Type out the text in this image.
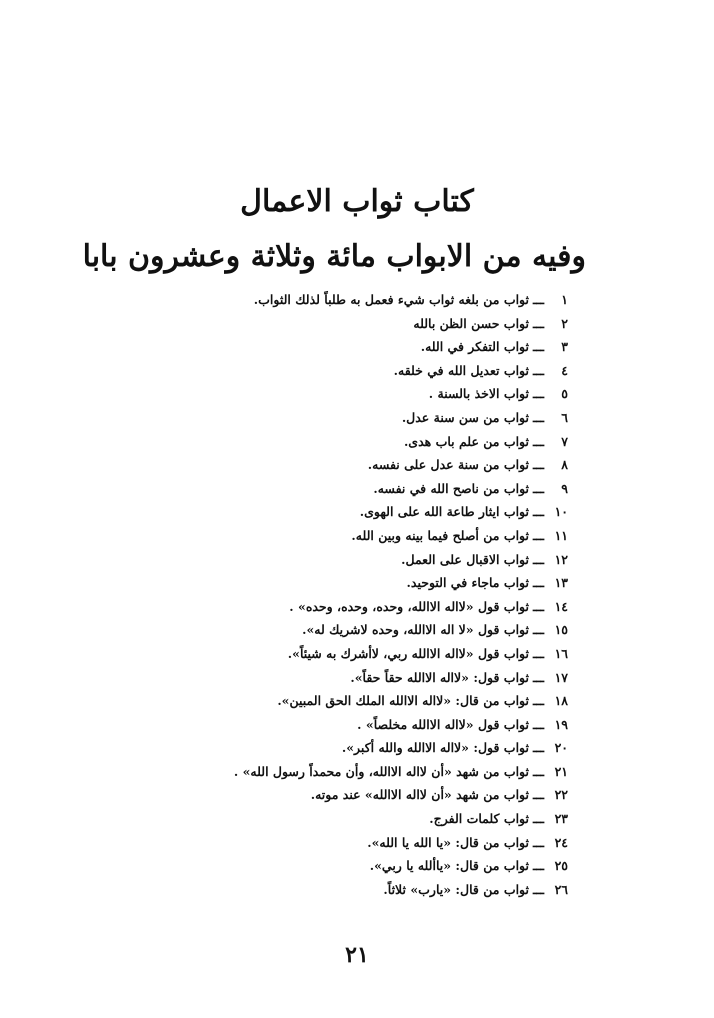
كتاب ثواب الاعمال
وفيه من الابواب مائة وثلاثة وعشرون بابا
١ـــثواب من بلغه ثواب شيء فعمل به طلباً لذلك الثواب.
٢ـــثواب حسن الظن بالله
٣ـــثواب التفكر في الله.
٤ـــثواب تعديل الله في خلقه.
٥ـــثواب الاخذ بالسنة .
٦ـــثواب من سن سنة عدل.
٧ـــثواب من علم باب هدى.
٨ـــثواب من سنة عدل على نفسه.
٩ـــثواب من ناصح الله في نفسه.
١٠ـــثواب ايثار طاعة الله على الهوى.
١١ـــثواب من أصلح فيما بينه وبين الله.
١٢ـــثواب الاقبال على العمل.
١٣ـــثواب ماجاء في التوحيد.
١٤ـــثواب قول «لااله الاالله، وحده، وحده، وحده» .
١٥ـــثواب قول «لا اله الاالله، وحده لاشريك له».
١٦ـــثواب قول «لااله الاالله ربي، لاأشرك به شيئاً».
١٧ـــثواب قول: «لااله الاالله حقاً حقاً».
١٨ـــثواب من قال: «لااله الاالله الملك الحق المبين».
١٩ـــثواب قول «لااله الاالله مخلصاً» .
٢٠ـــثواب قول: «لااله الاالله والله أكبر».
٢١ـــثواب من شهد «أن لااله الاالله، وأن محمداً رسول الله» .
٢٢ـــثواب من شهد «أن لااله الاالله» عند موته.
٢٣ـــثواب كلمات الفرج.
٢٤ـــثواب من قال: «يا الله يا الله».
٢٥ـــثواب من قال: «ياألله يا ربي».
٢٦ـــثواب من قال: «يارب» ثلاثاً.
٢١
